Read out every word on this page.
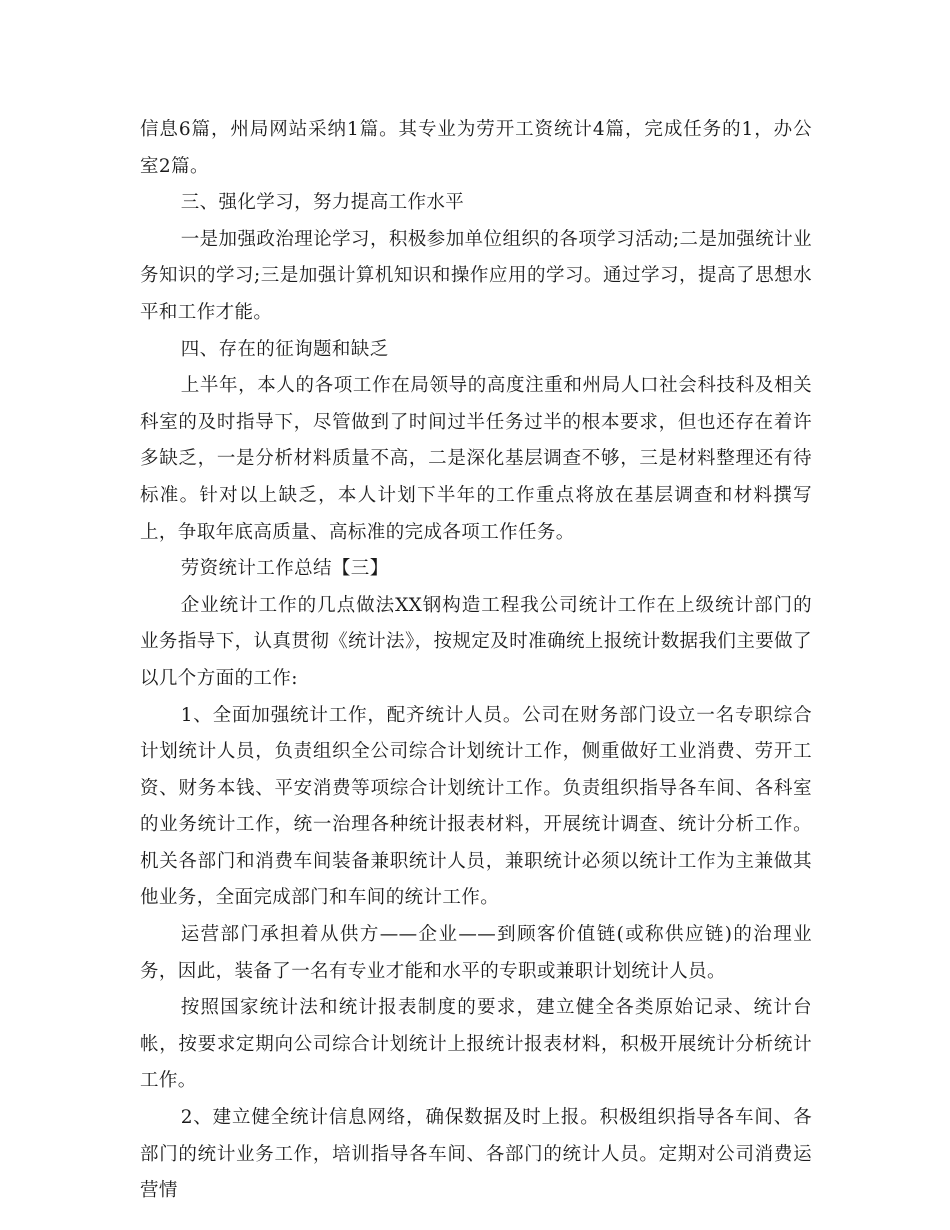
信息6篇，州局网站采纳1篇。其专业为劳开工资统计4篇，完成任务的1，办公室2篇。

三、强化学习，努力提高工作水平

一是加强政治理论学习，积极参加单位组织的各项学习活动;二是加强统计业务知识的学习;三是加强计算机知识和操作应用的学习。通过学习，提高了思想水平和工作才能。

四、存在的征询题和缺乏

上半年，本人的各项工作在局领导的高度注重和州局人口社会科技科及相关科室的及时指导下，尽管做到了时间过半任务过半的根本要求，但也还存在着许多缺乏，一是分析材料质量不高，二是深化基层调查不够，三是材料整理还有待标准。针对以上缺乏，本人计划下半年的工作重点将放在基层调查和材料撰写上，争取年底高质量、高标准的完成各项工作任务。

劳资统计工作总结【三】

企业统计工作的几点做法XX钢构造工程我公司统计工作在上级统计部门的业务指导下，认真贯彻《统计法》，按规定及时准确统上报统计数据我们主要做了以几个方面的工作:

1、全面加强统计工作，配齐统计人员。公司在财务部门设立一名专职综合计划统计人员，负责组织全公司综合计划统计工作，侧重做好工业消费、劳开工资、财务本钱、平安消费等项综合计划统计工作。负责组织指导各车间、各科室的业务统计工作，统一治理各种统计报表材料，开展统计调查、统计分析工作。机关各部门和消费车间装备兼职统计人员，兼职统计必须以统计工作为主兼做其他业务，全面完成部门和车间的统计工作。

运营部门承担着从供方——企业——到顾客价值链(或称供应链)的治理业务，因此，装备了一名有专业才能和水平的专职或兼职计划统计人员。

按照国家统计法和统计报表制度的要求，建立健全各类原始记录、统计台帐，按要求定期向公司综合计划统计上报统计报表材料，积极开展统计分析统计工作。

2、建立健全统计信息网络，确保数据及时上报。积极组织指导各车间、各部门的统计业务工作，培训指导各车间、各部门的统计人员。定期对公司消费运营情
